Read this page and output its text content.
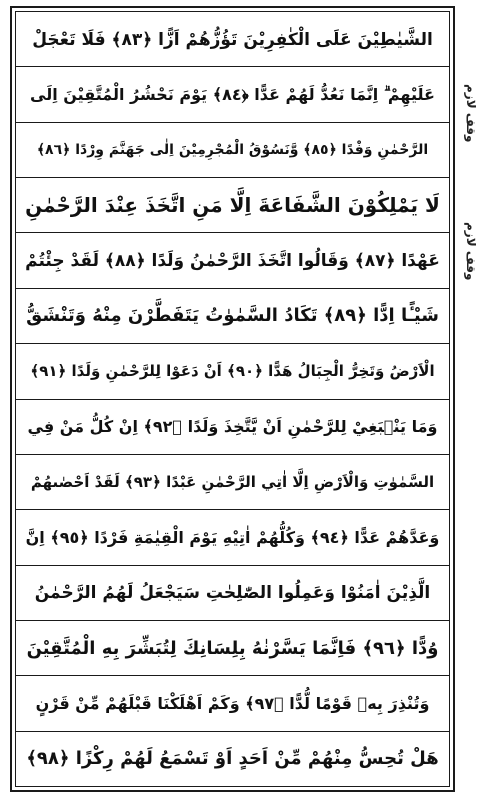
الشَّيٰطِيْنَ عَلَى الْكٰفِرِيْنَ تَؤُزُّهُمْ اَزًّا ﴿٨٣﴾ فَلَا تَعْجَلْ
عَلَيْهِمْ ۗ اِنَّمَا نَعُدُّ لَهُمْ عَدًّا ﴿٨٤﴾ يَوْمَ نَحْشُرُ الْمُتَّقِيْنَ اِلَى
الرَّحْمٰنِ وَفْدًا ﴿٨٥﴾ وَّنَسُوْقُ الْمُجْرِمِيْنَ اِلٰى جَهَنَّمَ وِرْدًا ﴿٨٦﴾
لَا يَمْلِكُوْنَ الشَّفَاعَةَ اِلَّا مَنِ اتَّخَذَ عِنْدَ الرَّحْمٰنِ
عَهْدًا ﴿٨٧﴾ وَقَالُوا اتَّخَذَ الرَّحْمٰنُ وَلَدًا ﴿٨٨﴾ لَقَدْ جِئْتُمْ
شَيْـًٔا اِدًّا ﴿٨٩﴾ تَكَادُ السَّمٰوٰتُ يَتَفَطَّرْنَ مِنْهُ وَتَنْشَقُّ
الْاَرْضُ وَتَخِرُّ الْجِبَالُ هَدًّا ﴿٩٠﴾ اَنْ دَعَوْا لِلرَّحْمٰنِ وَلَدًا ﴿٩١﴾
وَمَا يَنْۢبَغِيْ لِلرَّحْمٰنِ اَنْ يَّتَّخِذَ وَلَدًا ﴿٩٢﴾ اِنْ كُلُّ مَنْ فِي
السَّمٰوٰتِ وَالْاَرْضِ اِلَّا اٰتِي الرَّحْمٰنِ عَبْدًا ﴿٩٣﴾ لَقَدْ اَحْصٰىهُمْ
وَعَدَّهُمْ عَدًّا ﴿٩٤﴾ وَكُلُّهُمْ اٰتِيْهِ يَوْمَ الْقِيٰمَةِ فَرْدًا ﴿٩٥﴾ اِنَّ
الَّذِيْنَ اٰمَنُوْا وَعَمِلُوا الصّٰلِحٰتِ سَيَجْعَلُ لَهُمُ الرَّحْمٰنُ
وُدًّا ﴿٩٦﴾ فَاِنَّمَا يَسَّرْنٰهُ بِلِسَانِكَ لِتُبَشِّرَ بِهِ الْمُتَّقِيْنَ
وَتُنْذِرَ بِهٖ قَوْمًا لُّدًّا ﴿٩٧﴾ وَكَمْ اَهْلَكْنَا قَبْلَهُمْ مِّنْ قَرْنٍ
هَلْ تُحِسُّ مِنْهُمْ مِّنْ اَحَدٍ اَوْ تَسْمَعُ لَهُمْ رِكْزًا ﴿٩٨﴾
وقف لازم
وقف لازم
